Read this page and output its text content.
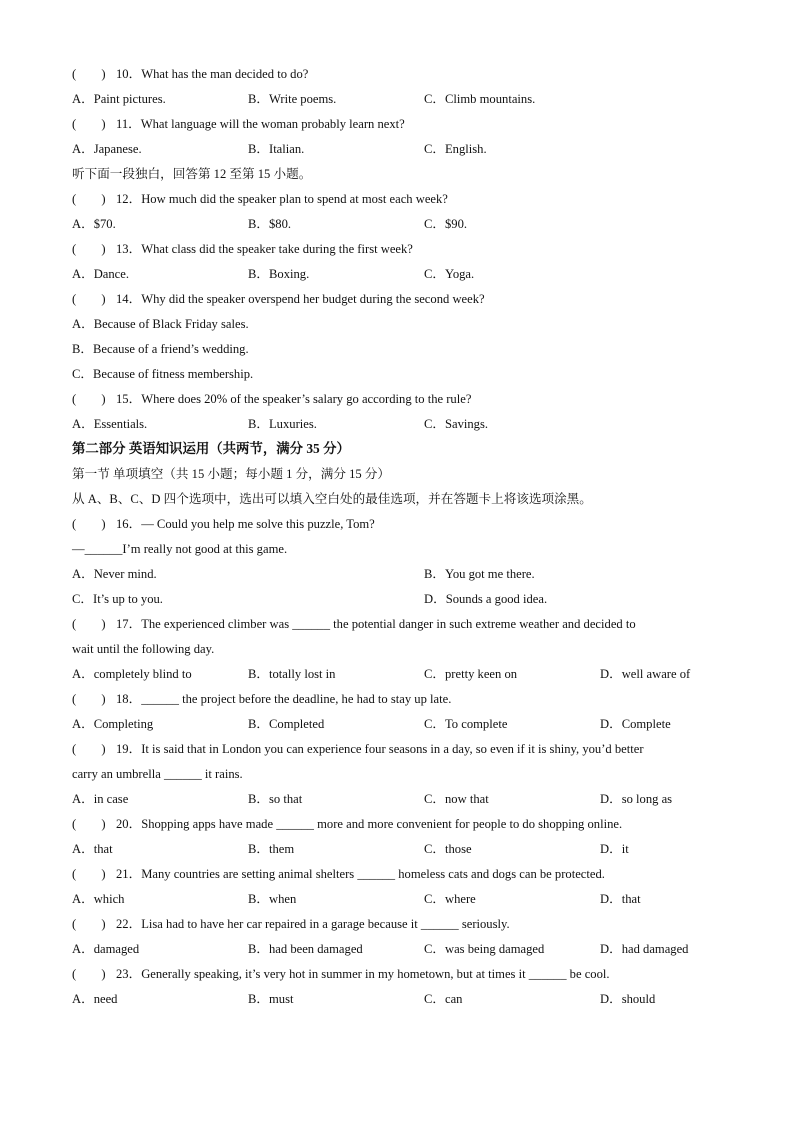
(　　) 10．What has the man decided to do?
A．Paint pictures.	B．Write poems.	C．Climb mountains.
(　　) 11．What language will the woman probably learn next?
A．Japanese.	B．Italian.	C．English.
听下面一段独白，回答第 12 至第 15 小题。
(　　) 12．How much did the speaker plan to spend at most each week?
A．$70.	B．$80.	C．$90.
(　　) 13．What class did the speaker take during the first week?
A．Dance.	B．Boxing.	C．Yoga.
(　　) 14．Why did the speaker overspend her budget during the second week?
A．Because of Black Friday sales.
B．Because of a friend’s wedding.
C．Because of fitness membership.
(　　) 15．Where does 20% of the speaker’s salary go according to the rule?
A．Essentials.	B．Luxuries.	C．Savings.
第二部分 英语知识运用（共两节，满分 35 分）
第一节 单项填空（共 15 小题；每小题 1 分，满分 15 分）
从 A、B、C、D 四个选项中，选出可以填入空白处的最佳选项，并在答题卡上将该选项涂黑。
(　　) 16．— Could you help me solve this puzzle, Tom?
—______I’m really not good at this game.
A．Never mind.	B．You got me there.
C．It’s up to you.	D．Sounds a good idea.
(　　) 17．The experienced climber was ______ the potential danger in such extreme weather and decided to
wait until the following day.
A．completely blind to	B．totally lost in	C．pretty keen on	D．well aware of
(　　) 18．______ the project before the deadline, he had to stay up late.
A．Completing	B．Completed	C．To complete	D．Complete
(　　) 19．It is said that in London you can experience four seasons in a day, so even if it is shiny, you’d better
carry an umbrella ______ it rains.
A．in case	B．so that	C．now that	D．so long as
(　　) 20．Shopping apps have made ______ more and more convenient for people to do shopping online.
A．that	B．them	C．those	D．it
(　　) 21．Many countries are setting animal shelters ______ homeless cats and dogs can be protected.
A．which	B．when	C．where	D．that
(　　) 22．Lisa had to have her car repaired in a garage because it ______ seriously.
A．damaged	B．had been damaged	C．was being damaged	D．had damaged
(　　) 23．Generally speaking, it’s very hot in summer in my hometown, but at times it ______ be cool.
A．need	B．must	C．can	D．should
